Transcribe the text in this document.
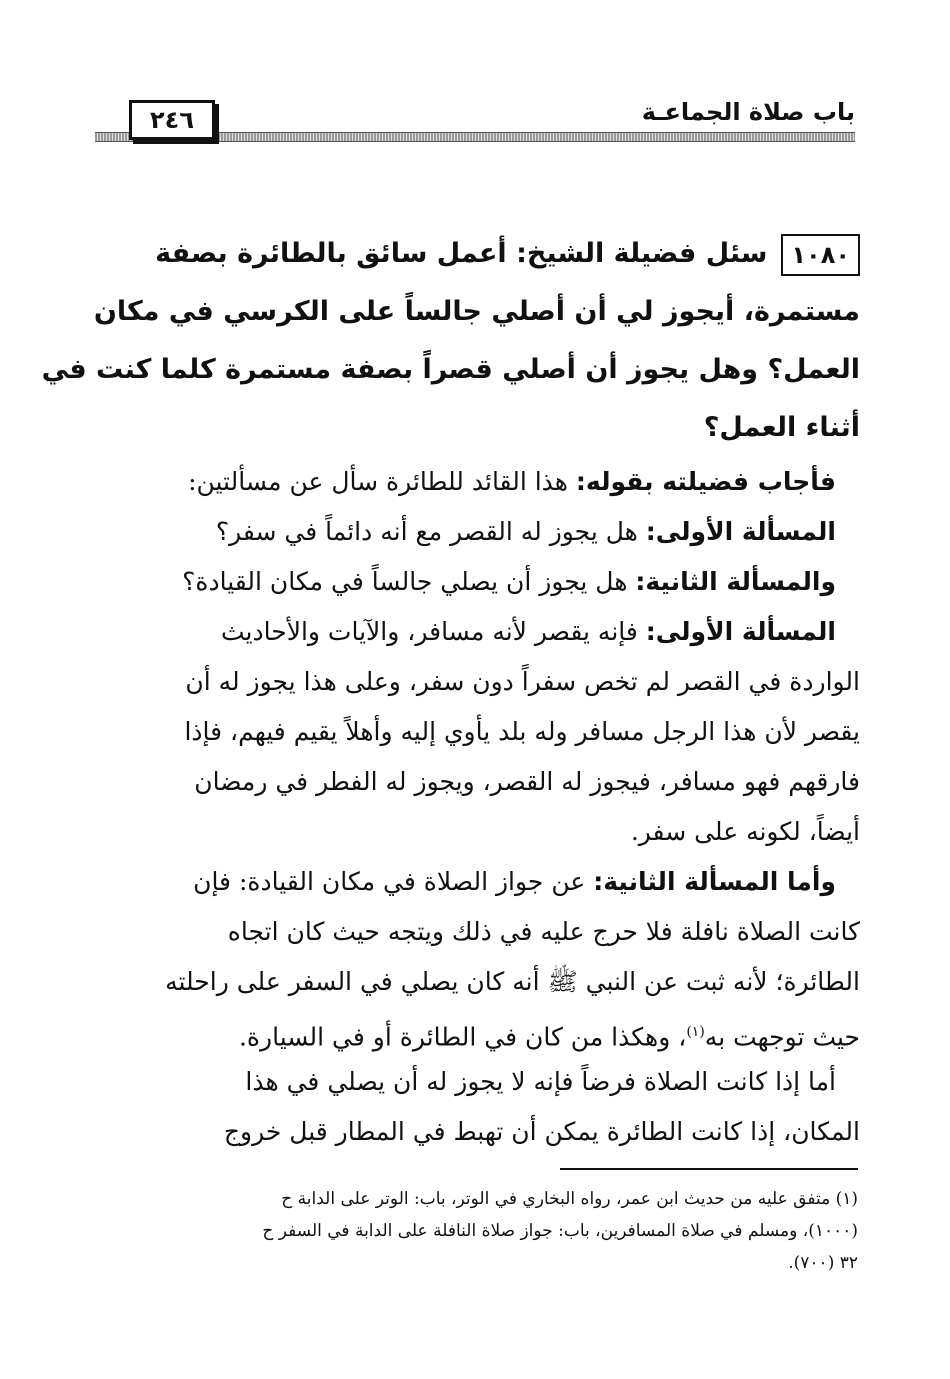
٢٤٦	باب صلاة الجماعـة
١٠٨٠سئل فضيلة الشيخ: أعمل سائق بالطائرة بصفة
مستمرة، أيجوز لي أن أصلي جالساً على الكرسي في مكان
العمل؟ وهل يجوز أن أصلي قصراً بصفة مستمرة كلما كنت في
أثناء العمل؟
فأجاب فضيلته بقوله: هذا القائد للطائرة سأل عن مسألتين:
المسألة الأولى: هل يجوز له القصر مع أنه دائماً في سفر؟
والمسألة الثانية: هل يجوز أن يصلي جالساً في مكان القيادة؟
المسألة الأولى: فإنه يقصر لأنه مسافر، والآيات والأحاديث
الواردة في القصر لم تخص سفراً دون سفر، وعلى هذا يجوز له أن
يقصر لأن هذا الرجل مسافر وله بلد يأوي إليه وأهلاً يقيم فيهم، فإذا
فارقهم فهو مسافر، فيجوز له القصر، ويجوز له الفطر في رمضان
أيضاً، لكونه على سفر.
وأما المسألة الثانية: عن جواز الصلاة في مكان القيادة: فإن
كانت الصلاة نافلة فلا حرج عليه في ذلك ويتجه حيث كان اتجاه
الطائرة؛ لأنه ثبت عن النبي ﷺ أنه كان يصلي في السفر على راحلته
حيث توجهت به$^{(١)}$، وهكذا من كان في الطائرة أو في السيارة.
أما إذا كانت الصلاة فرضاً فإنه لا يجوز له أن يصلي في هذا
المكان، إذا كانت الطائرة يمكن أن تهبط في المطار قبل خروج
(١) متفق عليه من حديث ابن عمر، رواه البخاري في الوتر، باب: الوتر على الدابة ح
(١٠٠٠)، ومسلم في صلاة المسافرين، باب: جواز صلاة النافلة على الدابة في السفر ح
٣٢ (٧٠٠).
